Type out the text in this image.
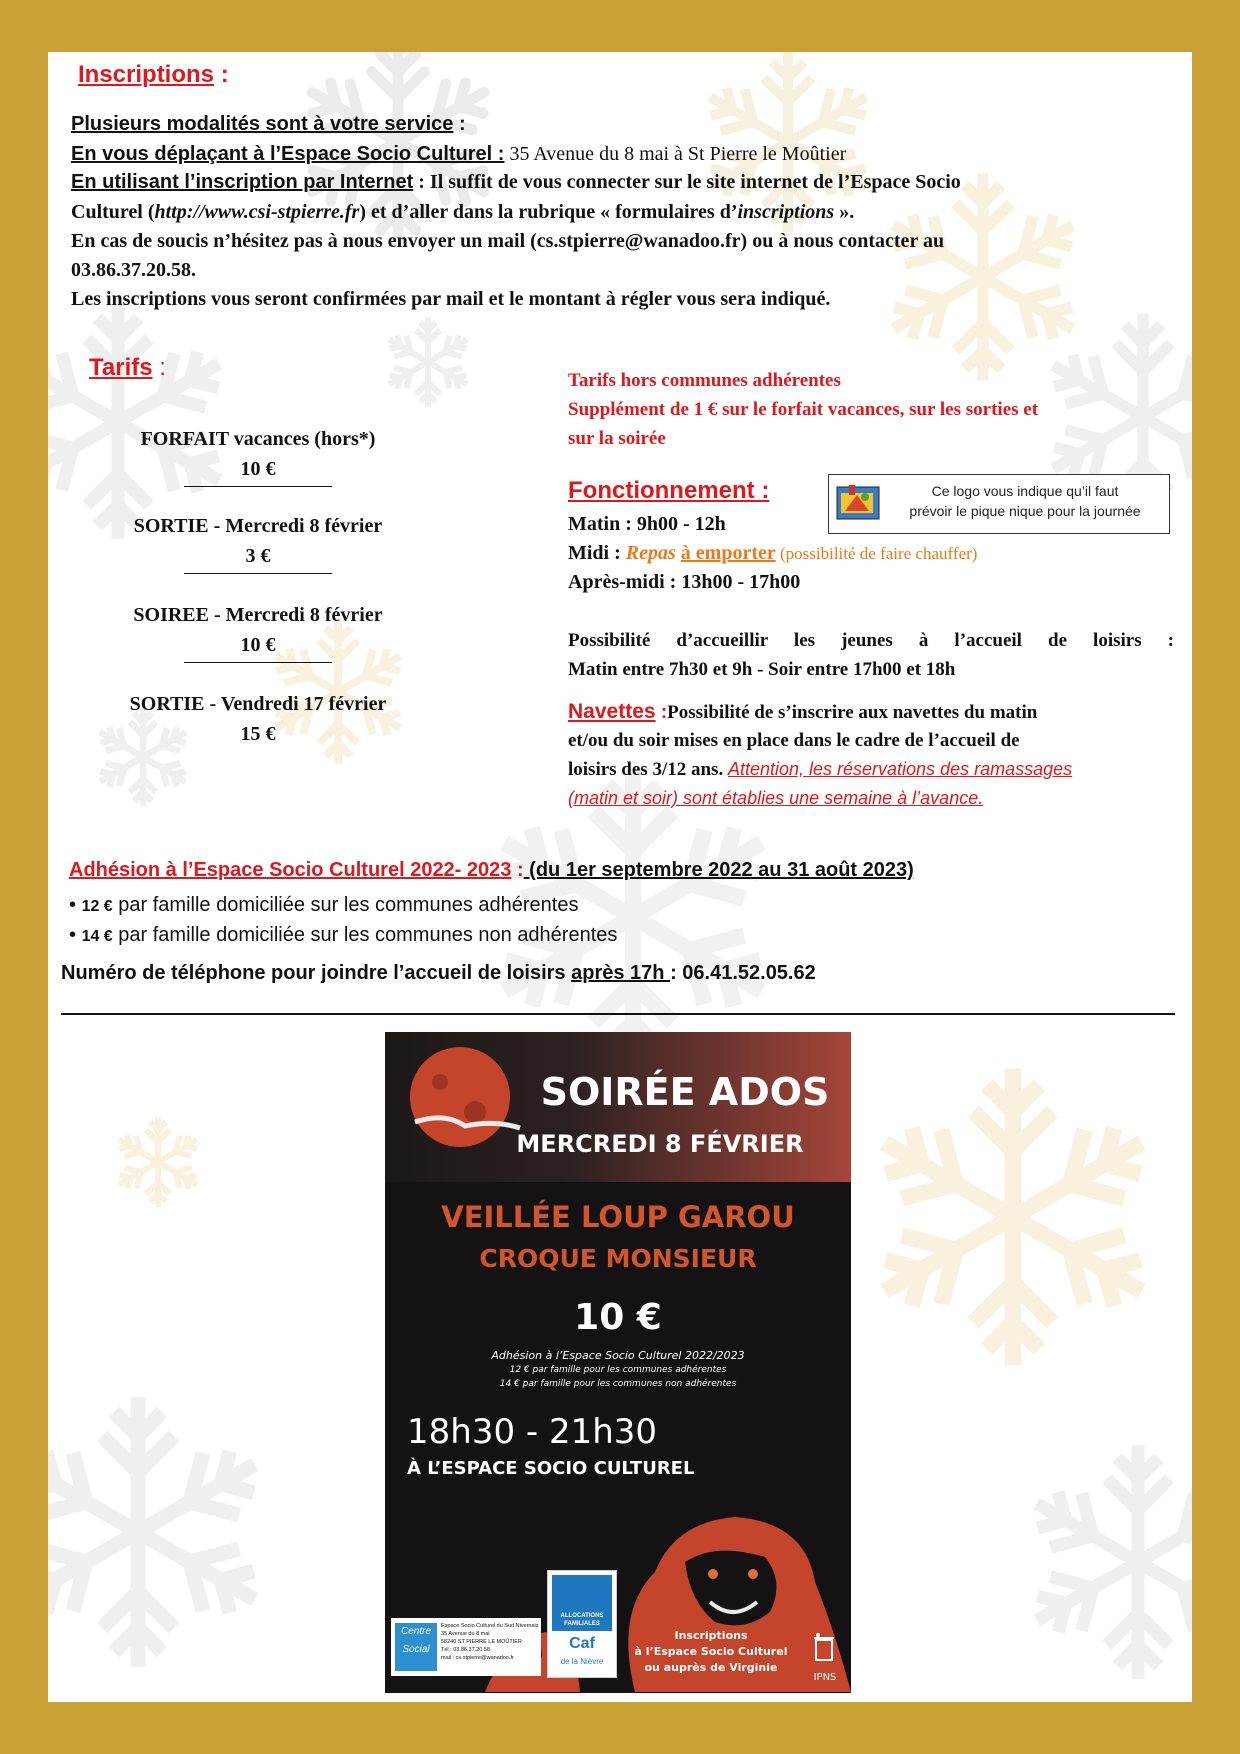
Inscriptions :
Plusieurs modalités sont à votre service :
En vous déplaçant à l’Espace Socio Culturel : 35 Avenue du 8 mai à St Pierre le Moûtier
En utilisant l’inscription par Internet : Il suffit de vous connecter sur le site internet de l’Espace Socio
Culturel (http://www.csi-stpierre.fr) et d’aller dans la rubrique « formulaires d’inscriptions ».
En cas de soucis n’hésitez pas à nous envoyer un mail (cs.stpierre@wanadoo.fr) ou à nous contacter au
03.86.37.20.58.
Les inscriptions vous seront confirmées par mail et le montant à régler vous sera indiqué.
Tarifs :
FORFAIT vacances (hors*)
10 €
SORTIE - Mercredi 8 février
3 €
SOIREE - Mercredi 8 février
10 €
SORTIE - Vendredi 17 février
15 €
Tarifs hors communes adhérentes
Supplément de 1 € sur le forfait vacances, sur les sorties et
sur la soirée
Fonctionnement :	Ce logo vous indique qu’il faut
prévoir le pique nique pour la journée
Matin : 9h00 - 12h
Midi : Repas à emporter (possibilité de faire chauffer)
Après-midi : 13h00 - 17h00
Possibilité d’accueillir les jeunes à l’accueil de loisirs :
Matin entre 7h30 et 9h - Soir entre 17h00 et 18h
Navettes :Possibilité de s’inscrire aux navettes du matin
et/ou du soir mises en place dans le cadre de l’accueil de
loisirs des 3/12 ans. Attention, les réservations des ramassages
(matin et soir) sont établies une semaine à l’avance.
Adhésion à l’Espace Socio Culturel 2022- 2023 : (du 1er septembre 2022 au 31 août 2023)
• 12 € par famille domiciliée sur les communes adhérentes
• 14 € par famille domiciliée sur les communes non adhérentes
Numéro de téléphone pour joindre l’accueil de loisirs après 17h : 06.41.52.05.62
SOIRÉE ADOS
MERCREDI 8 FÉVRIER
VEILLÉE LOUP GAROU
CROQUE MONSIEUR
10 €
Adhésion à l’Espace Socio Culturel 2022/2023
12 € par famille pour les communes adhérentes
14 € par famille pour les communes non adhérentes
18h30 - 21h30
À L’ESPACE SOCIO CULTUREL
Centre
Social
Espace Socio Culturel du Sud Nivernais
35 Avenue du 8 mai
58240 ST PIERRE LE MOÛTIER
Tél : 03.86.37.20.58
mail : cs.stpierre@wanadoo.fr
ALLOCATIONS
FAMILIALES
Caf
de la Nièvre
Inscriptions
à l’Espace Socio Culturel
ou auprès de Virginie
IPNS
